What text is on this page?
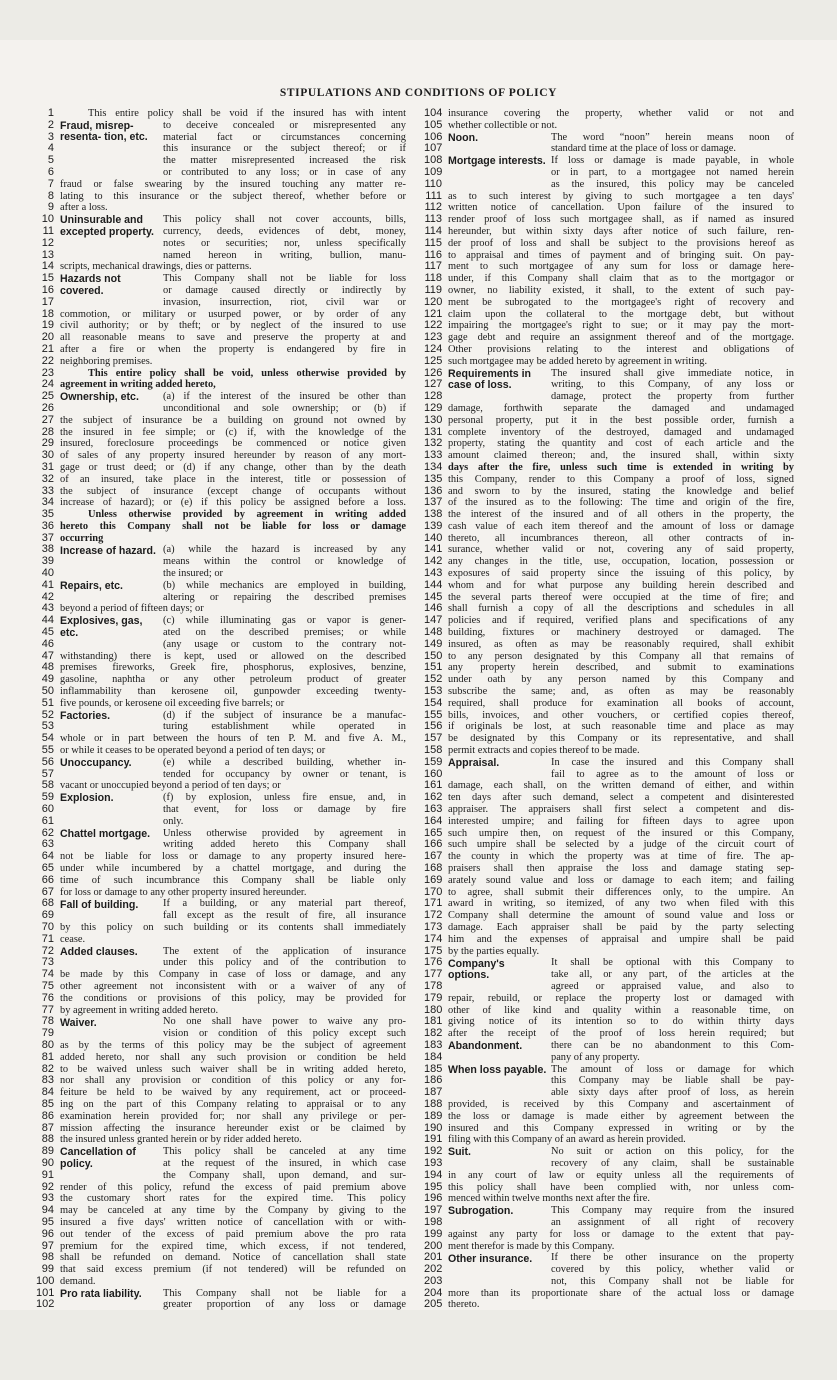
STIPULATIONS AND CONDITIONS OF POLICY
1	This entire policy shall be void if the insured has with intent
2	to deceive concealed or misrepresented any
3	material fact or circumstances concerning
4	this insurance or the subject thereof; or if
5	the matter misrepresented increased the risk
6	or contributed to any loss; or in case of any
7 fraud or false swearing by the insured touching any matter re-
8 lating to this insurance or the subject thereof, whether before or
9 after a loss.
10	This policy shall not cover accounts, bills,
11	currency, deeds, evidences of debt, money,
12	notes or securities; nor, unless specifically
13	named hereon in writing, bullion, manu-
14 scripts, mechanical drawings, dies or patterns.
15	This Company shall not be liable for loss
16	or damage caused directly or indirectly by
17	invasion, insurrection, riot, civil war or
18 commotion, or military or usurped power, or by order of any
19 civil authority; or by theft; or by neglect of the insured to use
20 all reasonable means to save and preserve the property at and
21 after a fire or when the property is endangered by fire in
22 neighboring premises.
23	This entire policy shall be void, unless otherwise provided by
24 agreement in writing added hereto,
25	(a) if the interest of the insured be other than
26	unconditional and sole ownership; or (b) if
27 the subject of insurance be a building on ground not owned by
28 the insured in fee simple; or (c) if, with the knowledge of the
29 insured, foreclosure proceedings be commenced or notice given
30 of sales of any property insured hereunder by reason of any mort-
31 gage or trust deed; or (d) if any change, other than by the death
32 of an insured, take place in the interest, title or possession of
33 the subject of insurance (except change of occupants without
34 increase of hazard); or (e) if this policy be assigned before a loss.
35	Unless otherwise provided by agreement in writing added
36 hereto this Company shall not be liable for loss or damage
37 occurring
38	(a) while the hazard is increased by any
39	means within the control or knowledge of
40	the insured; or
41	(b) while mechanics are employed in building,
42	altering or repairing the described premises
43 beyond a period of fifteen days; or
44	(c) while illuminating gas or vapor is gener-
45	ated on the described premises; or while
46	(any usage or custom to the contrary not-
47 withstanding) there is kept, used or allowed on the described
48 premises fireworks, Greek fire, phosphorus, explosives, benzine,
49 gasoline, naphtha or any other petroleum product of greater
50 inflammability than kerosene oil, gunpowder exceeding twenty-
51 five pounds, or kerosene oil exceeding five barrels; or
52	(d) if the subject of insurance be a manufac-
53	turing establishment while operated in
54 whole or in part between the hours of ten P. M. and five A. M.,
55 or while it ceases to be operated beyond a period of ten days; or
56	(e) while a described building, whether in-
57	tended for occupancy by owner or tenant, is
58 vacant or unoccupied beyond a period of ten days; or
59	(f) by explosion, unless fire ensue, and, in
60	that event, for loss or damage by fire
61	only.
62	Unless otherwise provided by agreement in
63	writing added hereto this Company shall
64 not be liable for loss or damage to any property insured here-
65 under while incumbered by a chattel mortgage, and during the
66 time of such incumbrance this Company shall be liable only
67 for loss or damage to any other property insured hereunder.
68	If a building, or any material part thereof,
69	fall except as the result of fire, all insurance
70 by this policy on such building or its contents shall immediately
71 cease.
72	The extent of the application of insurance
73	under this policy and of the contribution to
74 be made by this Company in case of loss or damage, and any
75 other agreement not inconsistent with or a waiver of any of
76 the conditions or provisions of this policy, may be provided for
77 by agreement in writing added hereto.
78	No one shall have power to waive any pro-
79	vision or condition of this policy except such
80 as by the terms of this policy may be the subject of agreement
81 added hereto, nor shall any such provision or condition be held
82 to be waived unless such waiver shall be in writing added hereto,
83 nor shall any provision or condition of this policy or any for-
84 feiture be held to be waived by any requirement, act or proceed-
85 ing on the part of this Company relating to appraisal or to any
86 examination herein provided for; nor shall any privilege or per-
87 mission affecting the insurance hereunder exist or be claimed by
88 the insured unless granted herein or by rider added hereto.
89	This policy shall be canceled at any time
90	at the request of the insured, in which case
91	the Company shall, upon demand, and sur-
92 render of this policy, refund the excess of paid premium above
93 the customary short rates for the expired time. This policy
94 may be canceled at any time by the Company by giving to the
95 insured a five days' written notice of cancellation with or with-
96 out tender of the excess of paid premium above the pro rata
97 premium for the expired time, which excess, if not tendered,
98 shall be refunded on demand. Notice of cancellation shall state
99 that said excess premium (if not tendered) will be refunded on
100 demand.
101	This Company shall not be liable for a
102	greater proportion of any loss or damage
Fraud, misrep- resenta- tion, etc.
Uninsurable and excepted property.
Hazards not covered.
Ownership, etc.
Increase of hazard.
Repairs, etc.
Explosives, gas, etc.
Factories.
Unoccupancy.
Explosion.
Chattel mortgage.
Fall of building.
Added clauses.
Waiver.
Cancellation of policy.
Pro rata liability.
104 insurance covering the property, whether valid or not and
105 whether collectible or not.
106	The word “noon” herein means noon of
107	standard time at the place of loss or damage.
108	If loss or damage is made payable, in whole
109	or in part, to a mortgagee not named herein
110	as the insured, this policy may be canceled
111 as to such interest by giving to such mortgagee a ten days'
112 written notice of cancellation. Upon failure of the insured to
113 render proof of loss such mortgagee shall, as if named as insured
114 hereunder, but within sixty days after notice of such failure, ren-
115 der proof of loss and shall be subject to the provisions hereof as
116 to appraisal and times of payment and of bringing suit. On pay-
117 ment to such mortgagee of any sum for loss or damage here-
118 under, if this Company shall claim that as to the mortgagor or
119 owner, no liability existed, it shall, to the extent of such pay-
120 ment be subrogated to the mortgagee's right of recovery and
121 claim upon the collateral to the mortgage debt, but without
122 impairing the mortgagee's right to sue; or it may pay the mort-
123 gage debt and require an assignment thereof and of the mortgage.
124 Other provisions relating to the interest and obligations of
125 such mortgagee may be added hereto by agreement in writing.
126	The insured shall give immediate notice, in
127	writing, to this Company, of any loss or
128	damage, protect the property from further
129 damage, forthwith separate the damaged and undamaged
130 personal property, put it in the best possible order, furnish a
131 complete inventory of the destroyed, damaged and undamaged
132 property, stating the quantity and cost of each article and the
133 amount claimed thereon; and, the insured shall, within sixty
134 days after the fire, unless such time is extended in writing by
135 this Company, render to this Company a proof of loss, signed
136 and sworn to by the insured, stating the knowledge and belief
137 of the insured as to the following: The time and origin of the fire,
138 the interest of the insured and of all others in the property, the
139 cash value of each item thereof and the amount of loss or damage
140 thereto, all incumbrances thereon, all other contracts of in-
141 surance, whether valid or not, covering any of said property,
142 any changes in the title, use, occupation, location, possession or
143 exposures of said property since the issuing of this policy, by
144 whom and for what purpose any building herein described and
145 the several parts thereof were occupied at the time of fire; and
146 shall furnish a copy of all the descriptions and schedules in all
147 policies and if required, verified plans and specifications of any
148 building, fixtures or machinery destroyed or damaged. The
149 insured, as often as may be reasonably required, shall exhibit
150 to any person designated by this Company all that remains of
151 any property herein described, and submit to examinations
152 under oath by any person named by this Company and
153 subscribe the same; and, as often as may be reasonably
154 required, shall produce for examination all books of account,
155 bills, invoices, and other vouchers, or certified copies thereof,
156 if originals be lost, at such reasonable time and place as may
157 be designated by this Company or its representative, and shall
158 permit extracts and copies thereof to be made.
159	In case the insured and this Company shall
160	fail to agree as to the amount of loss or
161 damage, each shall, on the written demand of either, and within
162 ten days after such demand, select a competent and disinterested
163 appraiser. The appraisers shall first select a competent and dis-
164 interested umpire; and failing for fifteen days to agree upon
165 such umpire then, on request of the insured or this Company,
166 such umpire shall be selected by a judge of the circuit court of
167 the county in which the property was at time of fire. The ap-
168 praisers shall then appraise the loss and damage stating sep-
169 arately sound value and loss or damage to each item; and failing
170 to agree, shall submit their differences only, to the umpire. An
171 award in writing, so itemized, of any two when filed with this
172 Company shall determine the amount of sound value and loss or
173 damage. Each appraiser shall be paid by the party selecting
174 him and the expenses of appraisal and umpire shall be paid
175 by the parties equally.
176	It shall be optional with this Company to
177	take all, or any part, of the articles at the
178	agreed or appraised value, and also to
179 repair, rebuild, or replace the property lost or damaged with
180 other of like kind and quality within a reasonable time, on
181 giving notice of its intention so to do within thirty days
182 after the receipt of the proof of loss herein required; but
183	there can be no abandonment to this Com-
184	pany of any property.
185	The amount of loss or damage for which
186	this Company may be liable shall be pay-
187	able sixty days after proof of loss, as herein
188 provided, is received by this Company and ascertainment of
189 the loss or damage is made either by agreement between the
190 insured and this Company expressed in writing or by the
191 filing with this Company of an award as herein provided.
192	No suit or action on this policy, for the
193	recovery of any claim, shall be sustainable
194 in any court of law or equity unless all the requirements of
195 this policy shall have been complied with, nor unless com-
196 menced within twelve months next after the fire.
197	This Company may require from the insured
198	an assignment of all right of recovery
199 against any party for loss or damage to the extent that pay-
200 ment therefor is made by this Company.
201	If there be other insurance on the property
202	covered by this policy, whether valid or
203	not, this Company shall not be liable for
204 more than its proportionate share of the actual loss or damage
205 thereto.
Noon.
Mortgage interests.
Requirements in case of loss.
Appraisal.
Company's options.
Abandonment.
When loss payable.
Suit.
Subrogation.
Other insurance.
